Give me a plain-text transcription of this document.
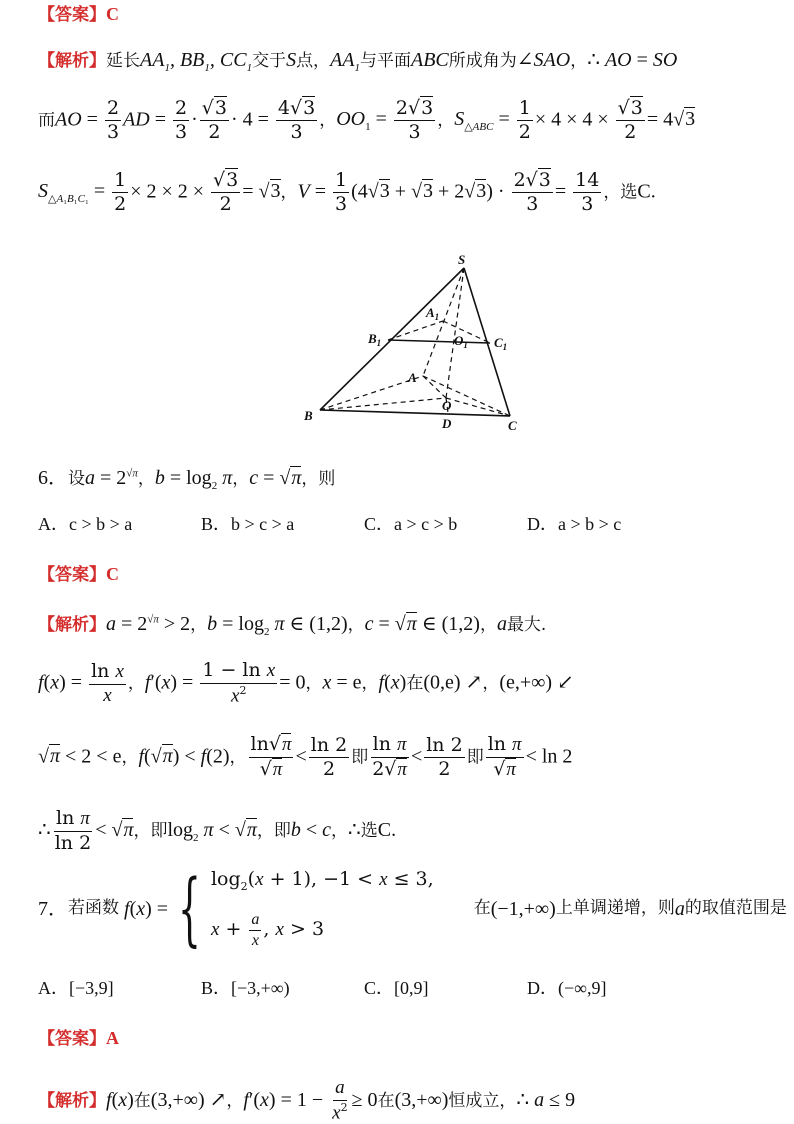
【答案】C
【解析】延长$AA_1$, $BB_1$, $CC_1$交于S点，$AA_1$与平面ABC所成角为∠SAO，∴ AO = SO
而AO = $\frac{2}{3}$ AD = $\frac{2}{3} \cdot \frac{√3}{2} \cdot 4 = \frac{4√3}{3}$ ，$OO_1 = \frac{2√3}{3}$ ，$S_{\triangle ABC} = \frac{1}{2} \times 4 \times 4 \times \frac{√3}{2} = 4√3$
$S_{\triangle A_1B_1C_1} = \frac{1}{2} \times 2 \times 2 \times \frac{√3}{2} = √3$，$V = \frac{1}{3} (4√3 + √3 + 2√3) \cdot \frac{2√3}{3} = \frac{14}{3}$ ，选C.
S
$A_1$
$B_1$	$O_1$ $C_1$
A
B
O
D	C
6．设$a = 2^{√\pi}$，$b = \log_2 \pi$，c = √π，则
A．c > b > a	B．b > c > a	C．a > c > b	D．a > b > c
【答案】C
【解析】$a = 2^{√\pi} > 2$，$b = \log_2 \pi$ ∈ (1,2)，c = √π ∈ (1,2)，a最大.
$f(x) = \frac{\text{ln x}}{x}$ ，$f'(x) = \frac{\text{1 − ln x}}{x^2} = 0$，x = e，f(x)在(0,e) ↗，(e,+∞) ↙
√π < 2 < e，f(√π) < f(2)， $\frac{\ln√\pi}{√\pi} < \frac{\ln 2}{2}$ 即 $\frac{\text{ln π}}{2√\pi} < \frac{\ln 2}{2}$ 即 $\frac{\text{ln π}}{√\pi} < \ln 2$
∴ $\frac{\text{ln π}}{\ln 2} < √\pi$，即$\log_2 \pi < √\pi$，即b < c，∴选C.
7． 若函数 f(x) = { $\log_2(x + 1)$, −1 < x ≤ 3,
$x + \frac{a}{x}$ , x > 3
在 (−1,+∞) 上单调递增，则 a 的取值范围是
A．[−3,9]	B．[−3,+∞)	C．[0,9]	D．(−∞,9]
【答案】A
【解析】f(x)在(3,+∞) ↗，$f'(x) = 1 - \frac{a}{x^2} \ge 0$在(3,+∞)恒成立，∴ a ≤ 9
